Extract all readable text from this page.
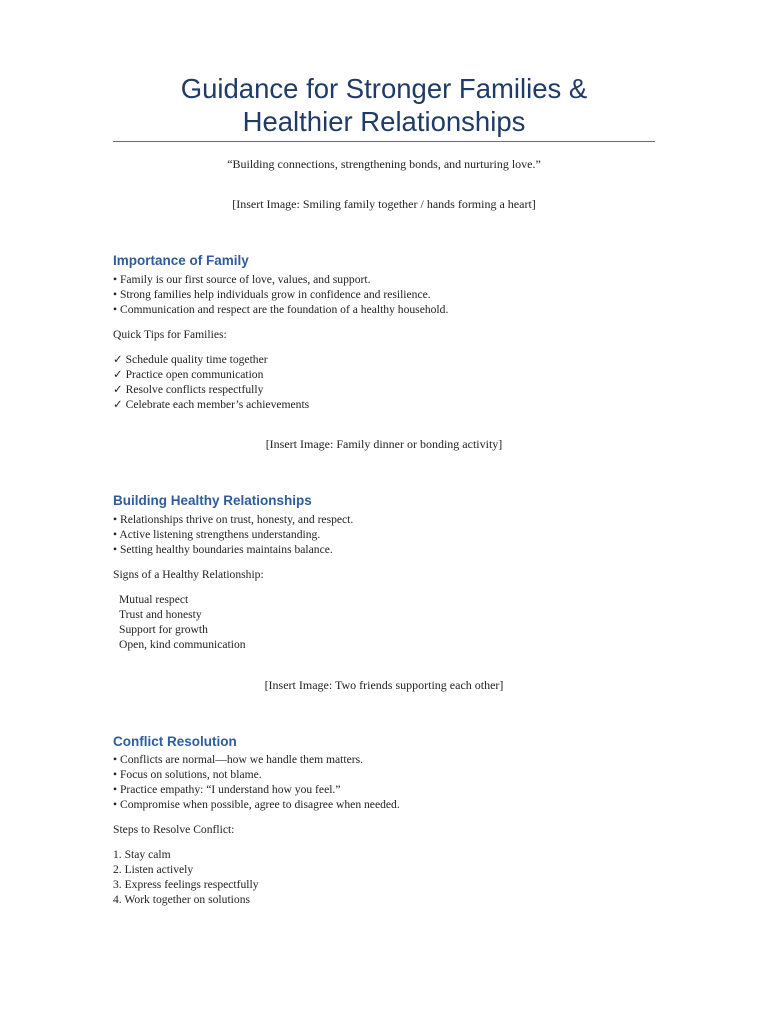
Guidance for Stronger Families &
Healthier Relationships
“Building connections, strengthening bonds, and nurturing love.”
[Insert Image: Smiling family together / hands forming a heart]
Importance of Family
• Family is our first source of love, values, and support.
• Strong families help individuals grow in confidence and resilience.
• Communication and respect are the foundation of a healthy household.
Quick Tips for Families:
✓ Schedule quality time together
✓ Practice open communication
✓ Resolve conflicts respectfully
✓ Celebrate each member’s achievements
[Insert Image: Family dinner or bonding activity]
Building Healthy Relationships
• Relationships thrive on trust, honesty, and respect.
• Active listening strengthens understanding.
• Setting healthy boundaries maintains balance.
Signs of a Healthy Relationship:
Mutual respect
Trust and honesty
Support for growth
Open, kind communication
[Insert Image: Two friends supporting each other]
Conflict Resolution
• Conflicts are normal—how we handle them matters.
• Focus on solutions, not blame.
• Practice empathy: “I understand how you feel.”
• Compromise when possible, agree to disagree when needed.
Steps to Resolve Conflict:
1. Stay calm
2. Listen actively
3. Express feelings respectfully
4. Work together on solutions
